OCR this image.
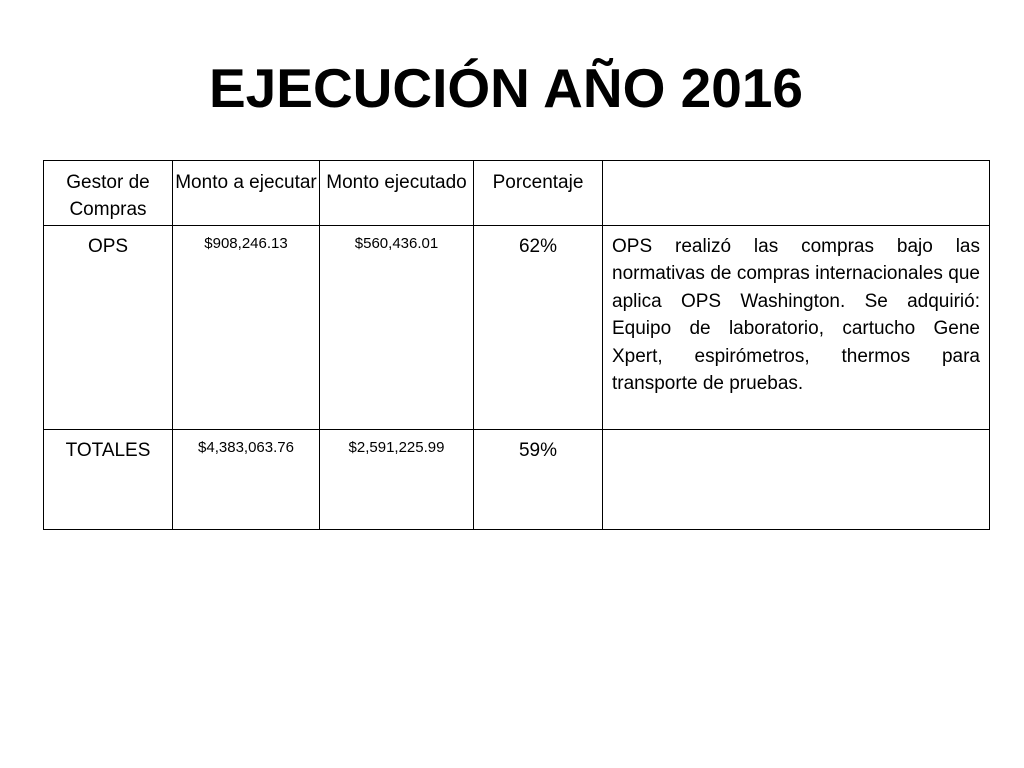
EJECUCIÓN AÑO 2016
Gestor de Compras	Monto a ejecutar	Monto ejecutado	Porcentaje	

OPS	$908,246.13	$560,436.01	62%	OPS realizó las compras bajo las normativas de compras internacionales que aplica OPS Washington. Se adquirió: Equipo de laboratorio, cartucho Gene Xpert, espirómetros, thermos para transporte de pruebas.

TOTALES	$4,383,063.76	$2,591,225.99	59%	
